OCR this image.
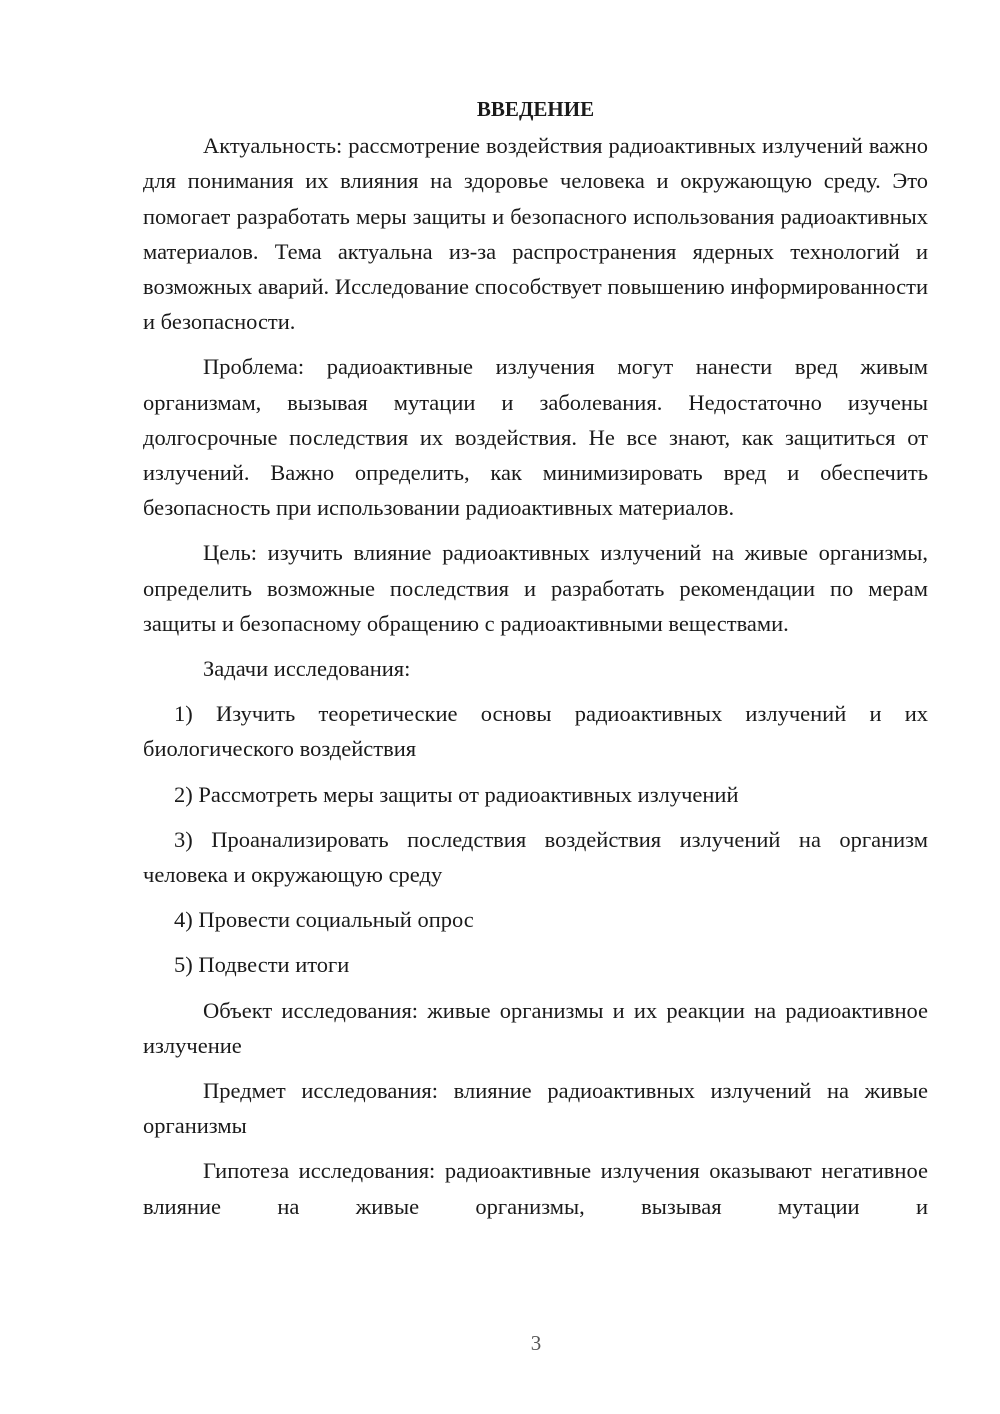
ВВЕДЕНИЕ

Актуальность: рассмотрение воздействия радиоактивных излучений важно для понимания их влияния на здоровье человека и окружающую среду. Это помогает разработать меры защиты и безопасного использования радиоактивных материалов. Тема актуальна из-за распространения ядерных технологий и возможных аварий. Исследование способствует повышению информированности и безопасности.

Проблема: радиоактивные излучения могут нанести вред живым организмам, вызывая мутации и заболевания. Недостаточно изучены долгосрочные последствия их воздействия. Не все знают, как защититься от излучений. Важно определить, как минимизировать вред и обеспечить безопасность при использовании радиоактивных материалов.

Цель: изучить влияние радиоактивных излучений на живые организмы, определить возможные последствия и разработать рекомендации по мерам защиты и безопасному обращению с радиоактивными веществами.

Задачи исследования:

1) Изучить теоретические основы радиоактивных излучений и их биологического воздействия

2) Рассмотреть меры защиты от радиоактивных излучений

3) Проанализировать последствия воздействия излучений на организм человека и окружающую среду

4) Провести социальный опрос

5) Подвести итоги

Объект исследования: живые организмы и их реакции на радиоактивное излучение

Предмет исследования: влияние радиоактивных излучений на живые организмы

Гипотеза исследования: радиоактивные излучения оказывают негативное влияние на живые организмы, вызывая мутации и

3
